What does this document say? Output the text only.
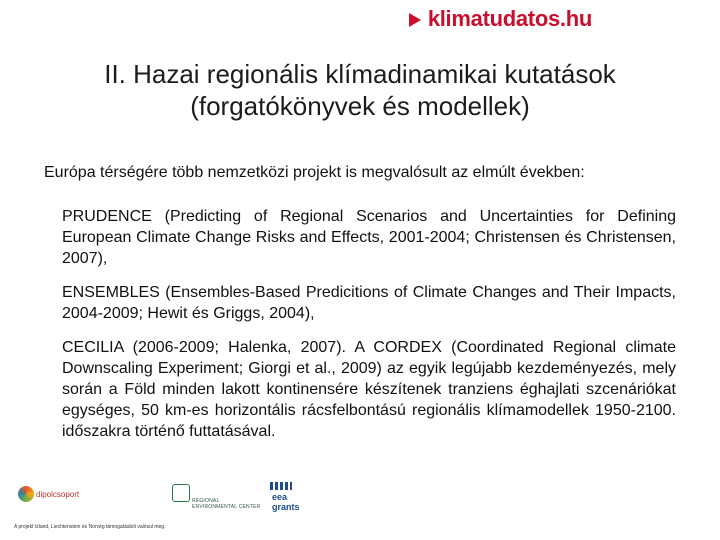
klimatudatos.hu
II. Hazai regionális klímadinamikai kutatások
(forgatókönyvek és modellek)
Európa térségére több nemzetközi projekt is megvalósult az elmúlt években:
PRUDENCE (Predicting of Regional Scenarios and Uncertainties for Defining European Climate Change Risks and Effects, 2001-2004; Christensen és Christensen, 2007),
ENSEMBLES (Ensembles-Based Predicitions of Climate Changes and Their Impacts, 2004-2009; Hewit és Griggs, 2004),
CECILIA (2006-2009; Halenka, 2007). A CORDEX (Coordinated Regional climate Downscaling Experiment; Giorgi et al., 2009) az egyik legújabb kezdeményezés, mely során a Föld minden lakott kontinensére készítenek tranziens éghajlati szcenáriókat egységes, 50 km-es horizontális rácsfelbontású regionális klímamodellek 1950-2100. időszakra történő futtatásával.
dipolcsoport
REGIONAL ENVIRONMENTAL CENTER
eea
grants
A projekt Izland, Liechtenstein és Norvég támogatásból valósul meg.
